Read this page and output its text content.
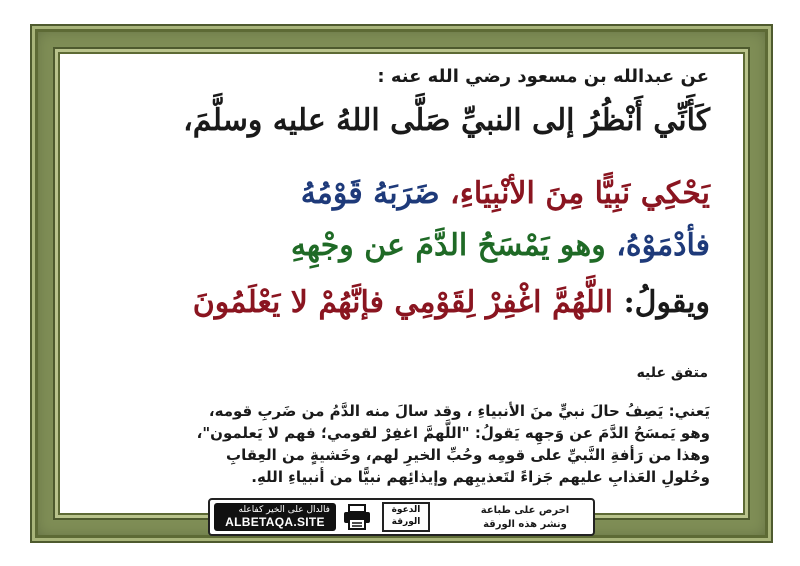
عن عبدالله بن مسعود رضي الله عنه :
كَأَنِّي أَنْظُرُ إلى النبيِّ صَلَّى اللهُ عليه وسلَّمَ،
يَحْكِي نَبِيًّا مِنَ الأنْبِيَاءِ، ضَرَبَهُ قَوْمُهُ
فأدْمَوْهُ، وهو يَمْسَحُ الدَّمَ عن وجْهِهِ
ويقولُ: اللَّهُمَّ اغْفِرْ لِقَوْمِي فإنَّهُمْ لا يَعْلَمُونَ
متفق عليه
يَعني: يَصِفُ حالَ نبيٍّ منَ الأنبياءِ ، وقد سالَ منه الدَّمُ من ضَربِ قومه،
وهو يَمسَحُ الدَّمَ عن وَجهِه يَقولُ: "اللَّهمَّ اغفِرْ لقومي؛ فهم لا يَعلمون"،
وهذا من رَأفةِ النَّبيِّ على قومِه وحُبِّ الخيرِ لهم، وخَشيةٍ من العِقابِ
وحُلولِ العَذابِ عليهم جَزاءً لتَعذيبِهم وإيذائِهم نبيًّا من أنبياءِ اللهِ.
احرص على طباعة
ونشر هذه الورقة
الدعوة
الورقة
فالدال على الخير كفاعله
ALBETAQA.SITE
